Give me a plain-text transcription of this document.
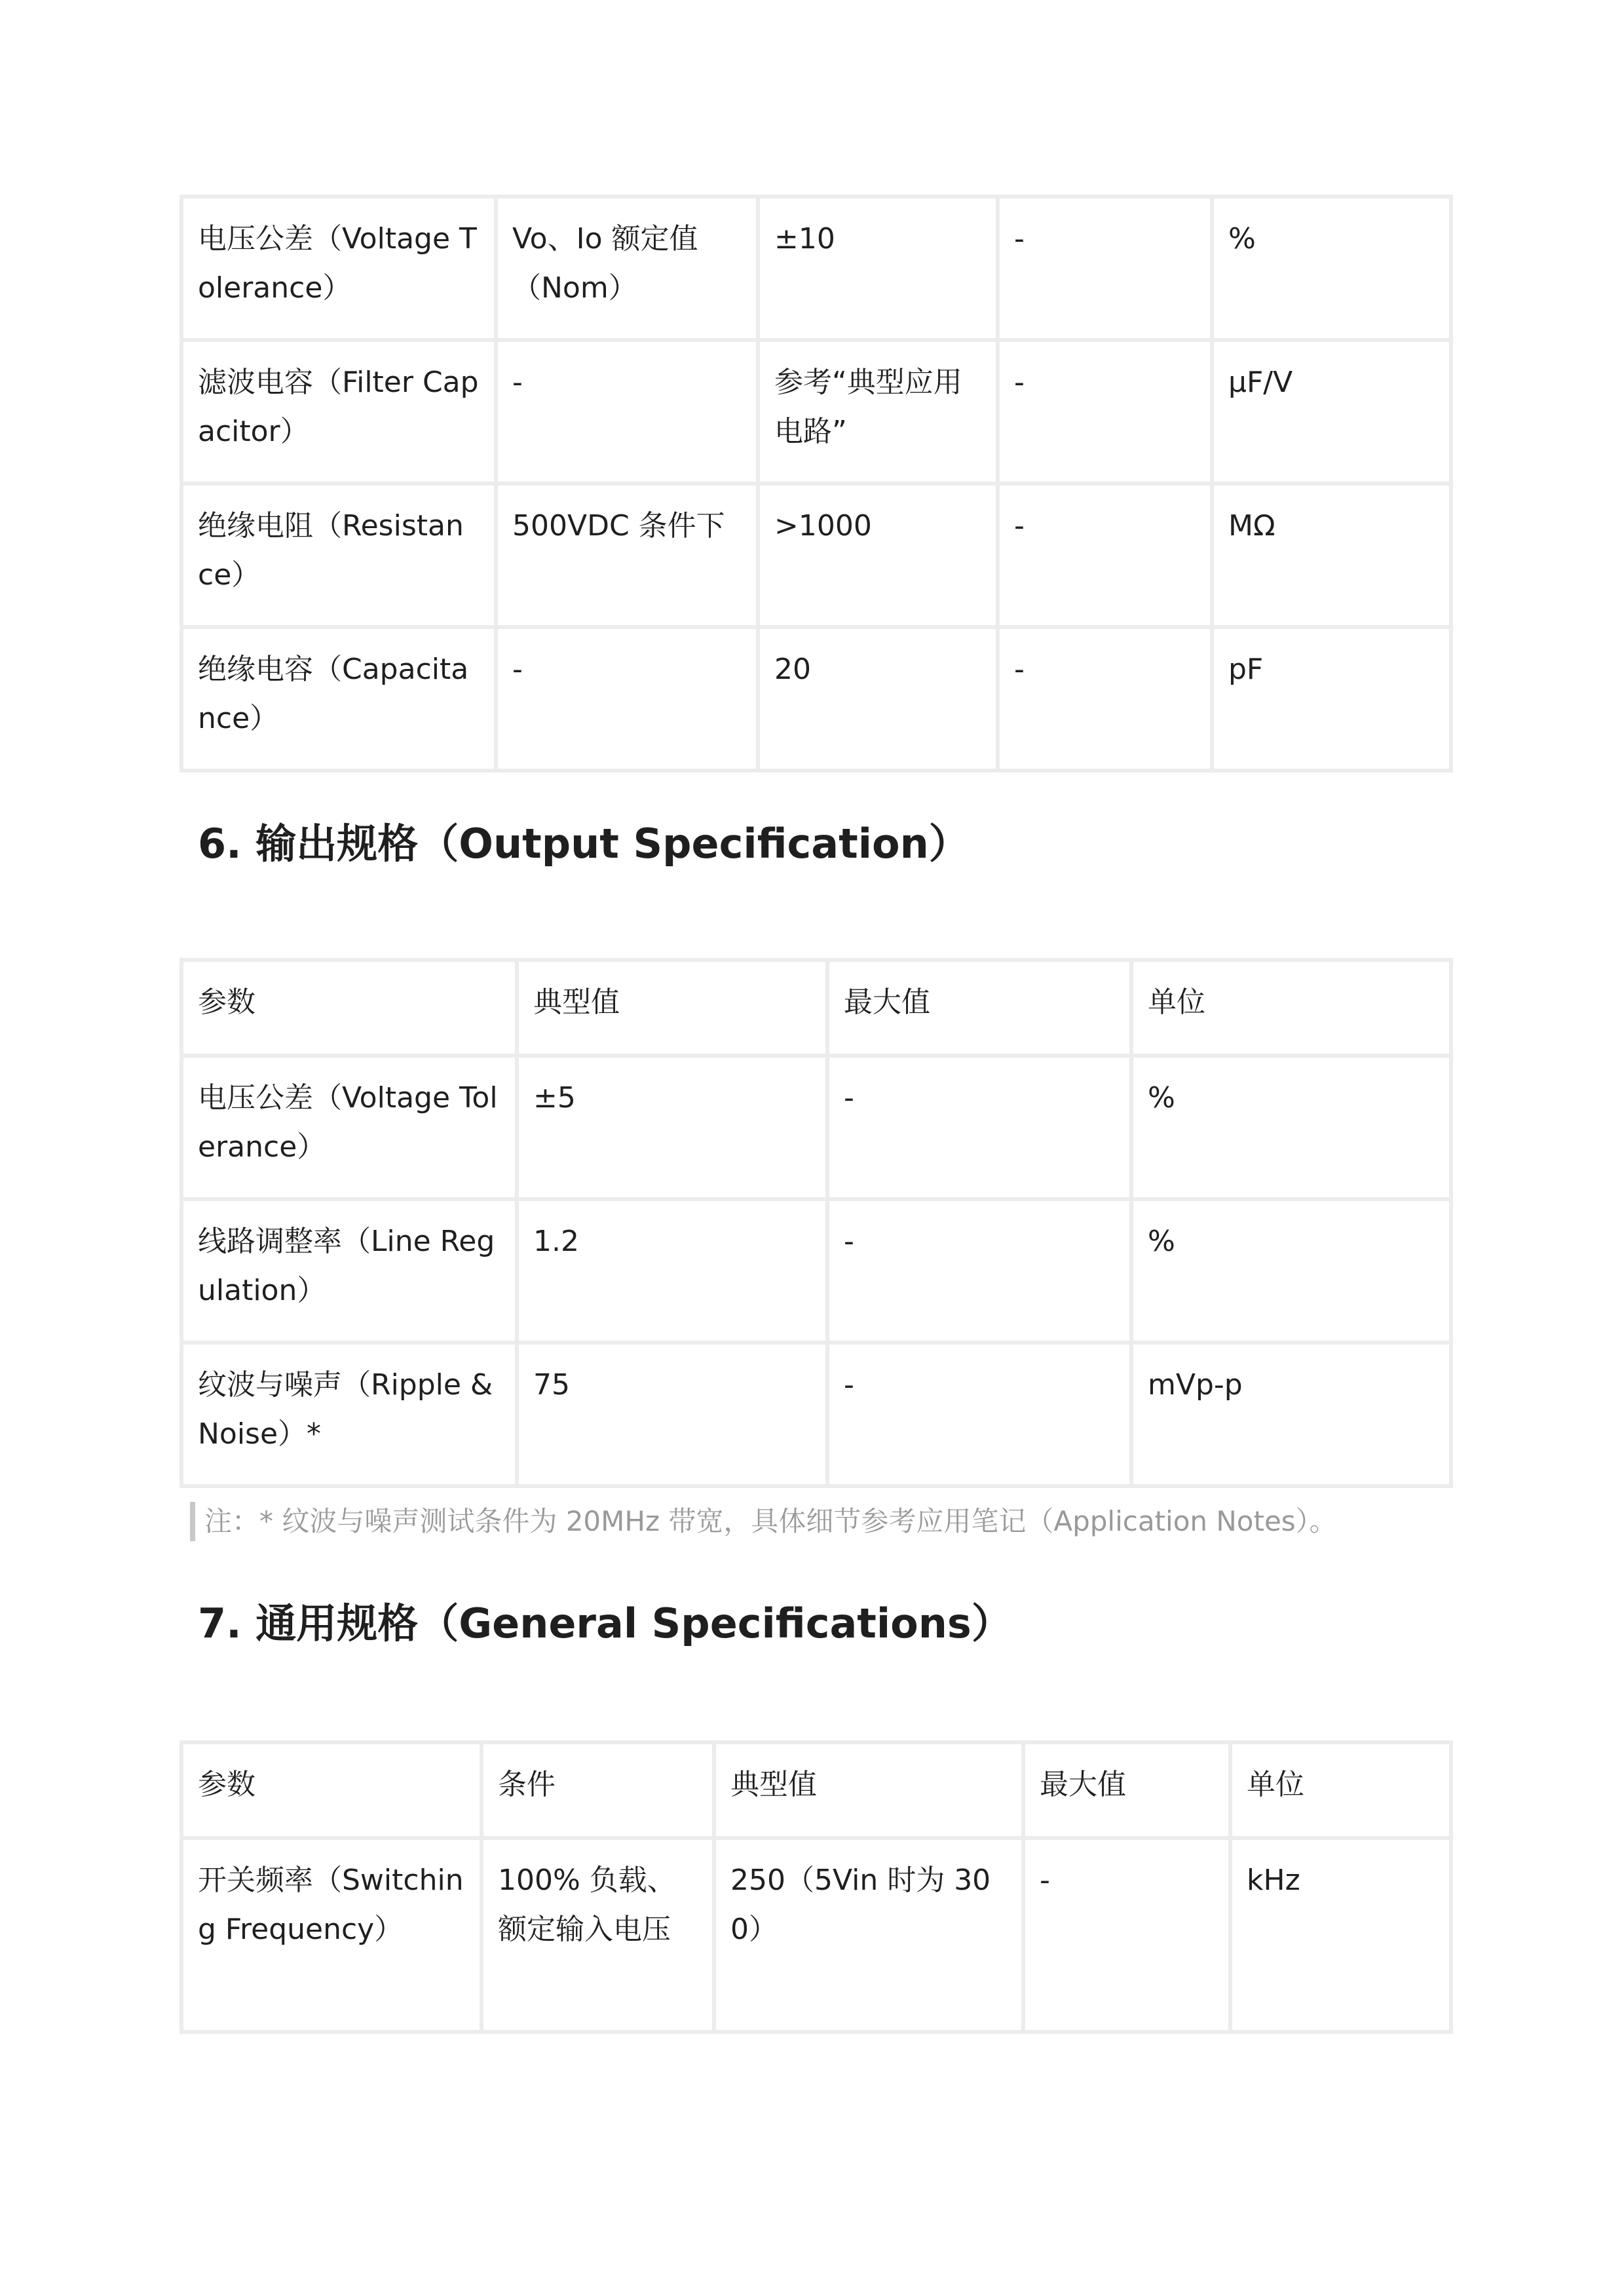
电压公差（Voltage Tolerance）	Vo、Io 额定值（Nom）	±10	-	%
滤波电容（Filter Capacitor）	-	参考“典型应用电路”	-	μF/V
绝缘电阻（Resistance）	500VDC 条件下	>1000	-	MΩ
绝缘电容（Capacitance）	-	20	-	pF
6. 输出规格（Output Specification）
参数	典型值	最大值	单位
电压公差（Voltage Tolerance）	±5	-	%
线路调整率（Line Regulation）	1.2	-	%
纹波与噪声（Ripple & Noise）*	75	-	mVp-p
注：* 纹波与噪声测试条件为 20MHz 带宽，具体细节参考应用笔记（Application Notes）。
7. 通用规格（General Specifications）
参数	条件	典型值	最大值	单位
开关频率（Switching Frequency）	100% 负载、额定输入电压	250（5Vin 时为 300）	-	kHz
